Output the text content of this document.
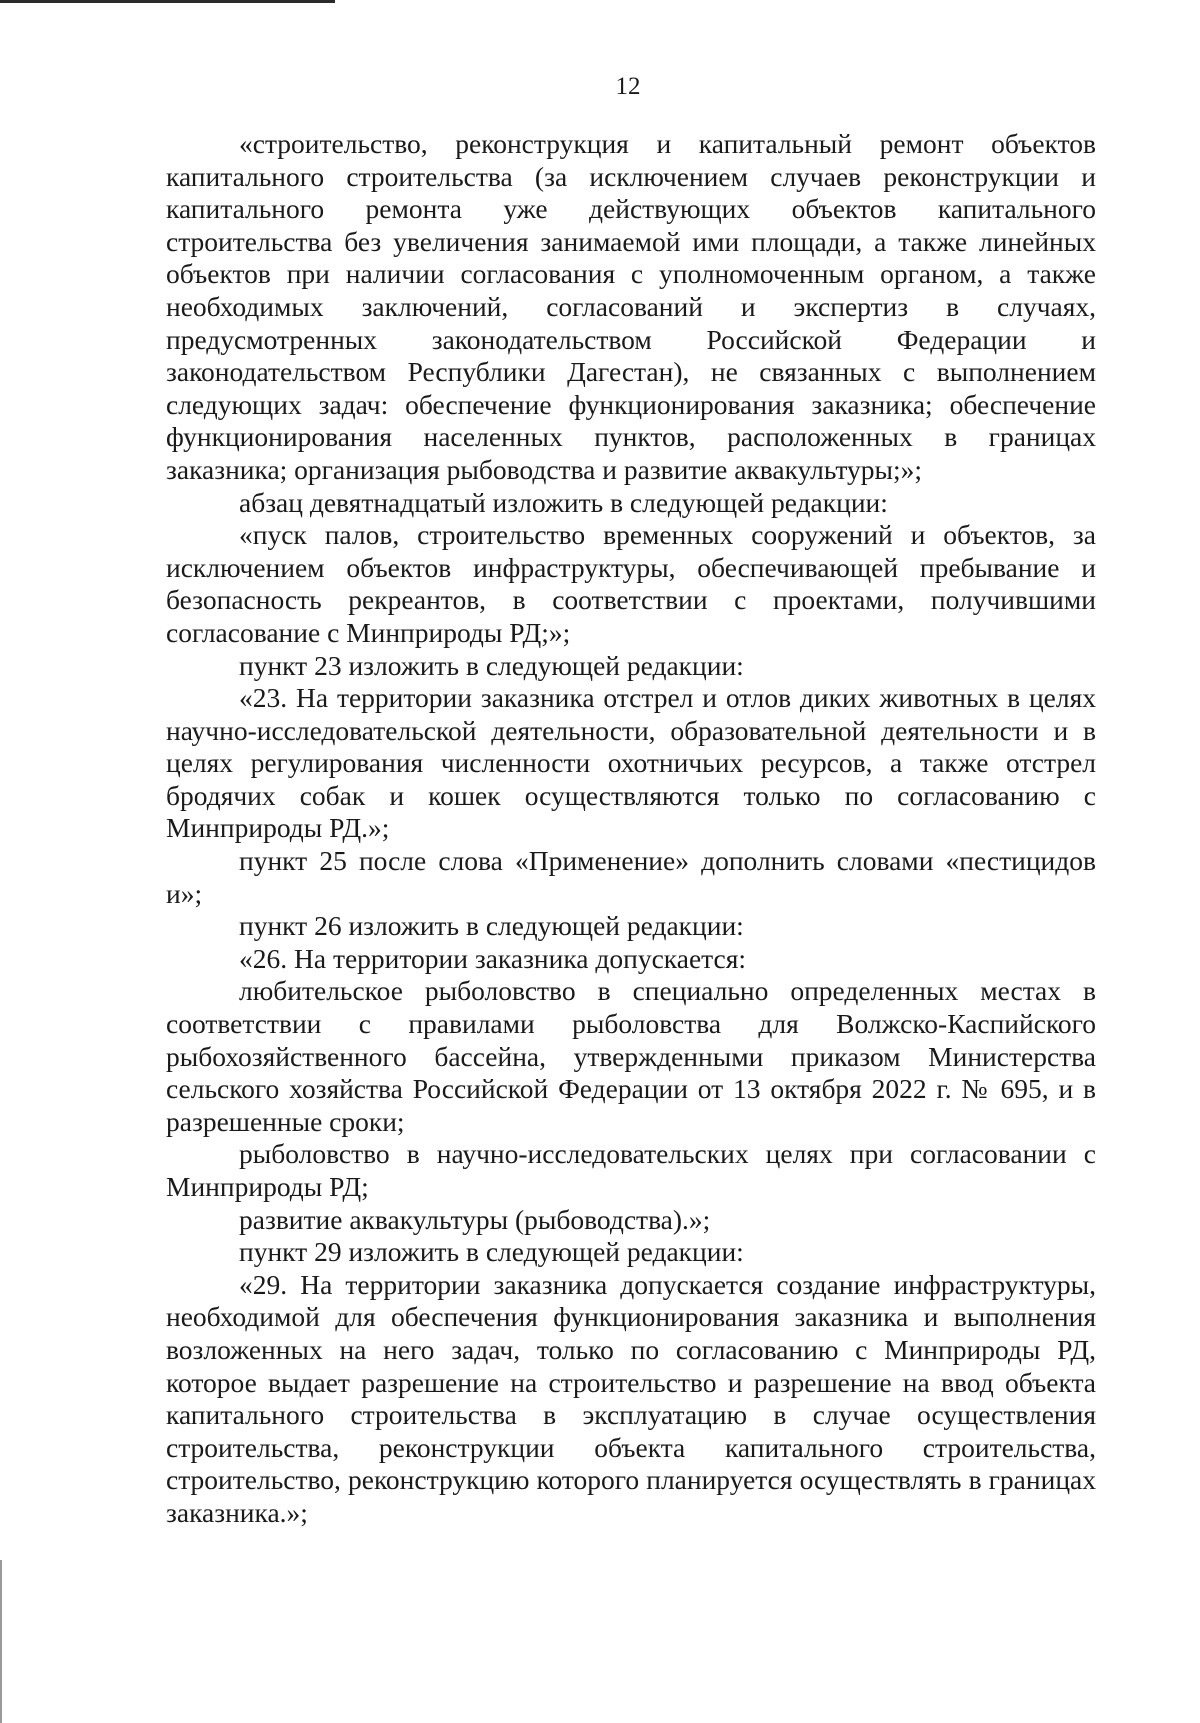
12

«строительство, реконструкция и капитальный ремонт объектов капитального строительства (за исключением случаев реконструкции и капитального ремонта уже действующих объектов капитального строительства без увеличения занимаемой ими площади, а также линейных объектов при наличии согласования с уполномоченным органом, а также необходимых заключений, согласований и экспертиз в случаях, предусмотренных законодательством Российской Федерации и законодательством Республики Дагестан), не связанных с выполнением следующих задач: обеспечение функционирования заказника; обеспечение функционирования населенных пунктов, расположенных в границах заказника; организация рыбоводства и развитие аквакультуры;»;

абзац девятнадцатый изложить в следующей редакции:

«пуск палов, строительство временных сооружений и объектов, за исключением объектов инфраструктуры, обеспечивающей пребывание и безопасность рекреантов, в соответствии с проектами, получившими согласование с Минприроды РД;»;

пункт 23 изложить в следующей редакции:

«23. На территории заказника отстрел и отлов диких животных в целях научно-исследовательской деятельности, образовательной деятельности и в целях регулирования численности охотничьих ресурсов, а также отстрел бродячих собак и кошек осуществляются только по согласованию с Минприроды РД.»;

пункт 25 после слова «Применение» дополнить словами «пестицидов и»;

пункт 26 изложить в следующей редакции:

«26. На территории заказника допускается:

любительское рыболовство в специально определенных местах в соответствии с правилами рыболовства для Волжско-Каспийского рыбохозяйственного бассейна, утвержденными приказом Министерства сельского хозяйства Российской Федерации от 13 октября 2022 г. № 695, и в разрешенные сроки;

рыболовство в научно-исследовательских целях при согласовании с Минприроды РД;

развитие аквакультуры (рыбоводства).»;

пункт 29 изложить в следующей редакции:

«29. На территории заказника допускается создание инфраструктуры, необходимой для обеспечения функционирования заказника и выполнения возложенных на него задач, только по согласованию с Минприроды РД, которое выдает разрешение на строительство и разрешение на ввод объекта капитального строительства в эксплуатацию в случае осуществления строительства, реконструкции объекта капитального строительства, строительство, реконструкцию которого планируется осуществлять в границах заказника.»;
